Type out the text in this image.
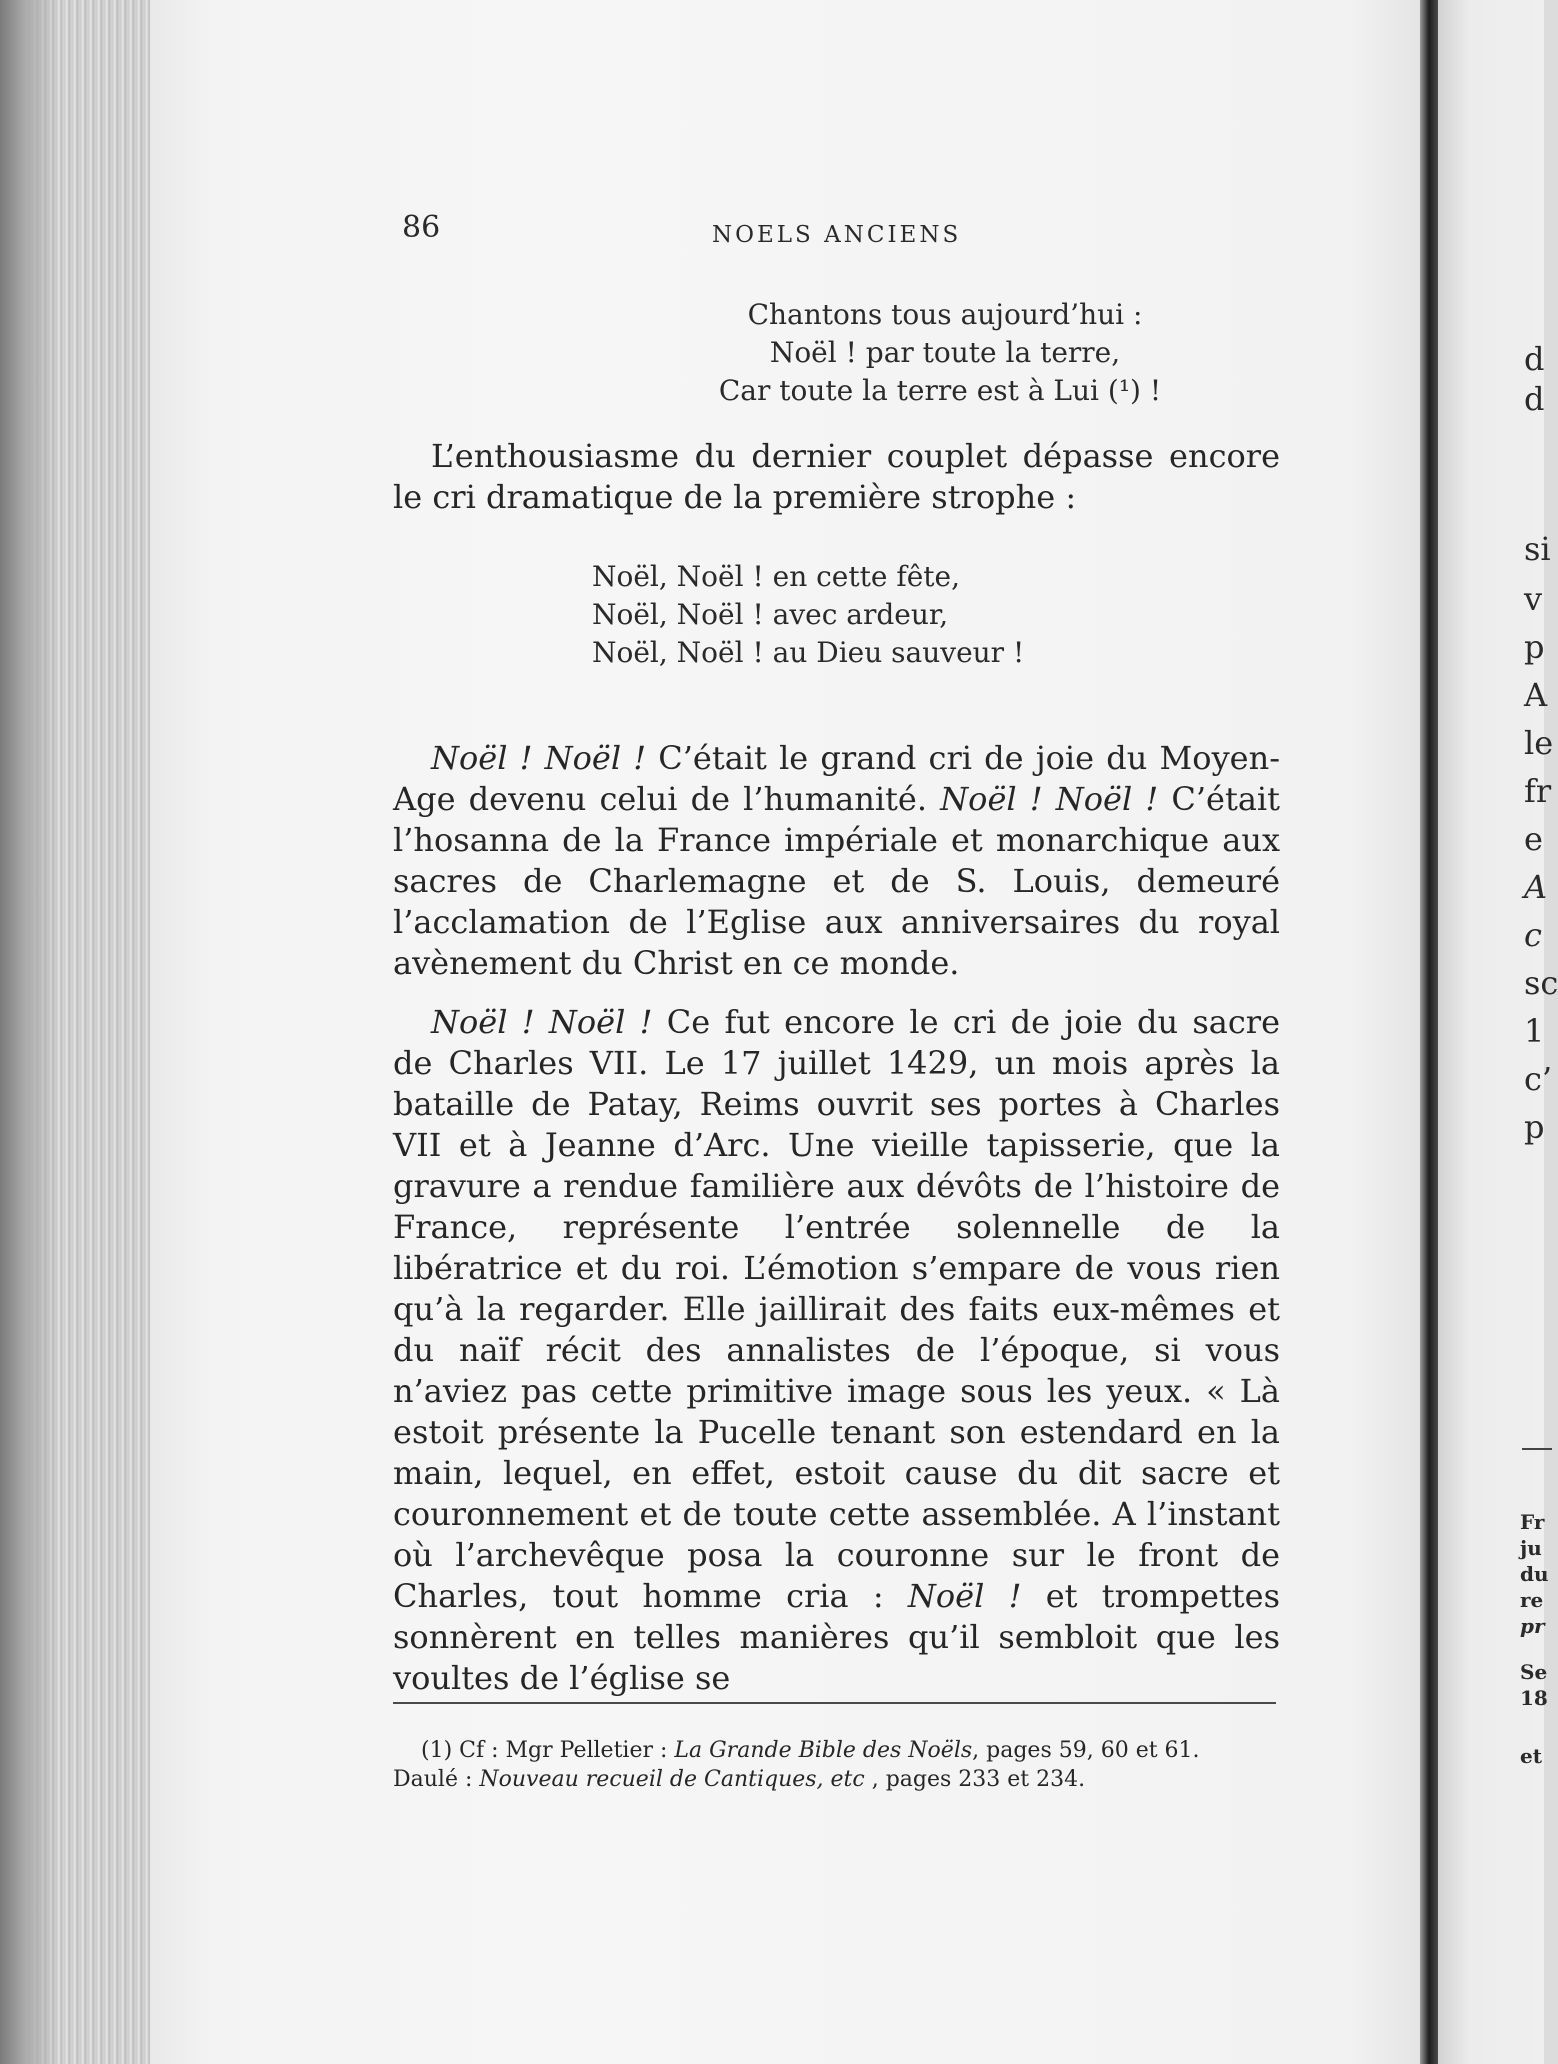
86	NOELS ANCIENS
Chantons tous aujourd’hui :
Noël ! par toute la terre,
Car toute la terre est à Lui (¹) !

L’enthousiasme du dernier couplet dépasse encore le cri dramatique de la première strophe :

Noël, Noël ! en cette fête,
Noël, Noël ! avec ardeur,
Noël, Noël ! au Dieu sauveur !

Noël ! Noël ! C’était le grand cri de joie du Moyen-Age devenu celui de l’humanité. Noël ! Noël ! C’était l’hosanna de la France impériale et monarchique aux sacres de Charlemagne et de S. Louis, demeuré l’acclamation de l’Eglise aux anniversaires du royal avènement du Christ en ce monde.

Noël ! Noël ! Ce fut encore le cri de joie du sacre de Charles VII. Le 17 juillet 1429, un mois après la bataille de Patay, Reims ouvrit ses portes à Charles VII et à Jeanne d’Arc. Une vieille tapisserie, que la gravure a rendue familière aux dévôts de l’histoire de France, représente l’entrée solennelle de la libératrice et du roi. L’émotion s’empare de vous rien qu’à la regarder. Elle jaillirait des faits eux-mêmes et du naïf récit des annalistes de l’époque, si vous n’aviez pas cette primitive image sous les yeux. « Là estoit présente la Pucelle tenant son estendard en la main, lequel, en effet, estoit cause du dit sacre et couronnement et de toute cette assemblée. A l’instant où l’archevêque posa la couronne sur le front de Charles, tout homme cria : Noël ! et trompettes sonnèrent en telles manières qu’il sembloit que les voultes de l’église se

(1) Cf : Mgr Pelletier : La Grande Bible des Noëls, pages 59, 60 et 61.
Daulé : Nouveau recueil de Cantiques, etc , pages 233 et 234.
d
d
si
v
p
A
le
fr
e
A
c
sc
1
c’
p
Fr
ju
du
re
pr
Se
18
et
